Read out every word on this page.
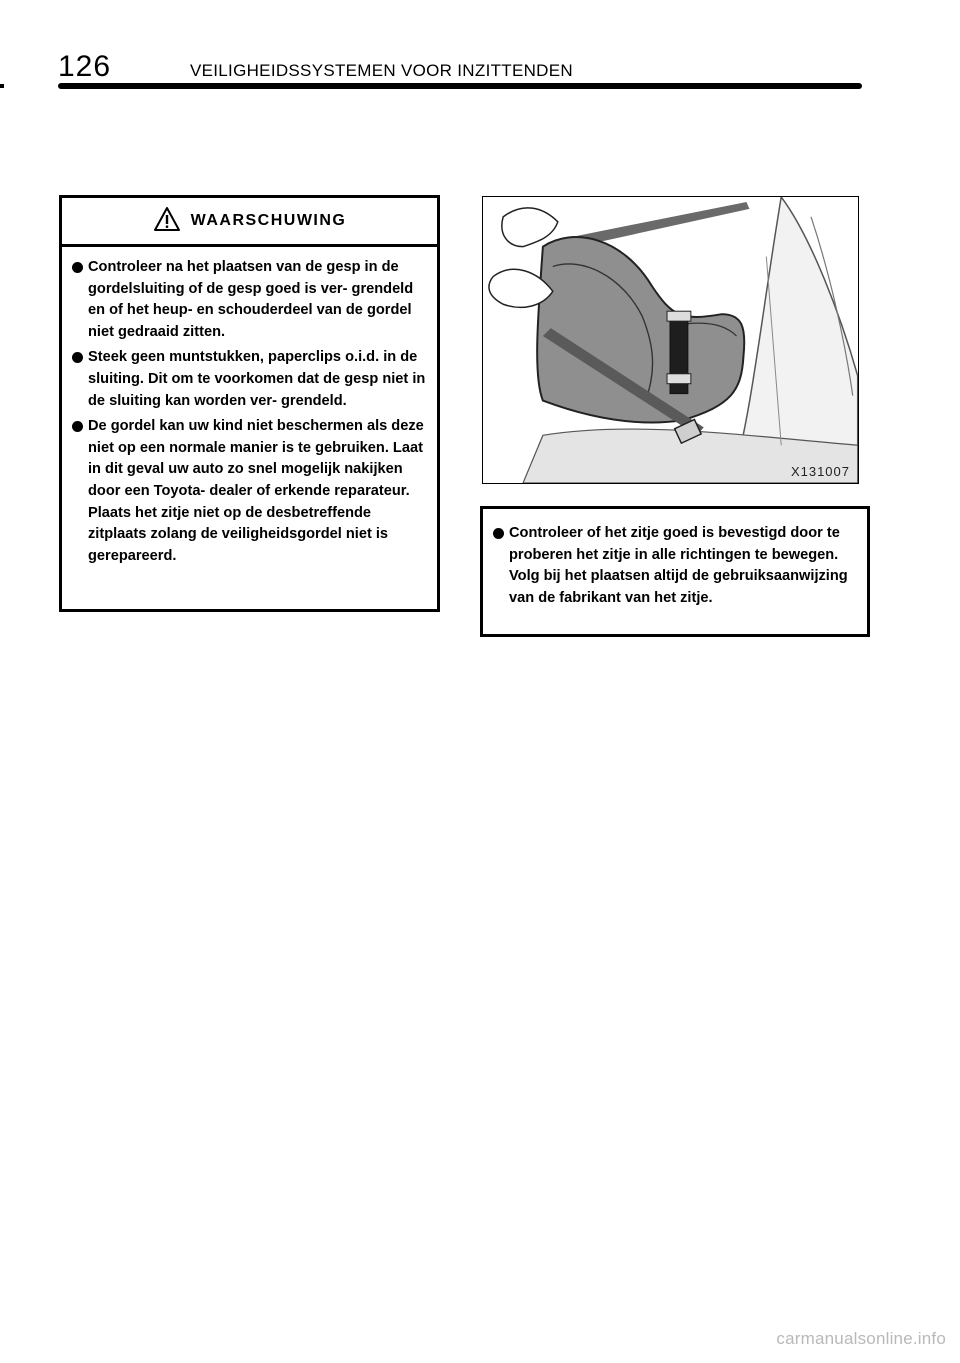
126	VEILIGHEIDSSYSTEMEN VOOR INZITTENDEN
WAARSCHUWING
Controleer na het plaatsen van de gesp in de gordelsluiting of de gesp goed is ver- grendeld en of het heup‑ en schouderdeel van de gordel niet gedraaid zitten.
Steek geen muntstukken, paperclips o.i.d. in de sluiting. Dit om te voorkomen dat de gesp niet in de sluiting kan worden ver- grendeld.
De gordel kan uw kind niet beschermen als deze niet op een normale manier is te gebruiken. Laat in dit geval uw auto zo snel mogelijk nakijken door een Toyota‑ dealer of erkende reparateur. Plaats het zitje niet op de desbetreffende zitplaats zolang de veiligheidsgordel niet is gerepareerd.
X131007
Controleer of het zitje goed is bevestigd door te proberen het zitje in alle richtingen te bewegen. Volg bij het plaatsen altijd de gebruiksaanwijzing van de fabrikant van het zitje.
carmanualsonline.info
